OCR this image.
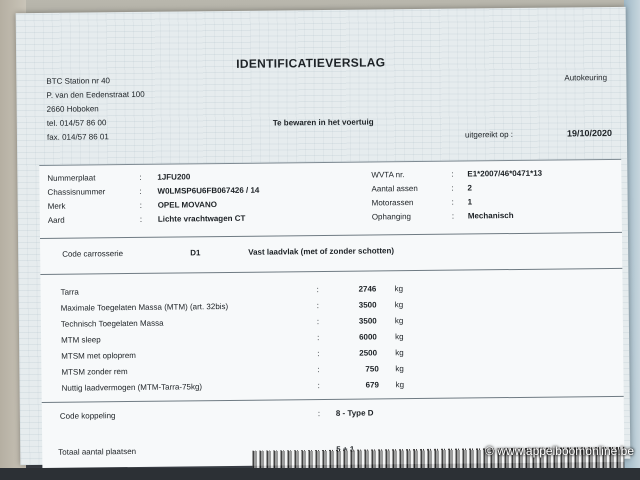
IDENTIFICATIEVERSLAG
BTC Station nr 40
P. van den Eedenstraat 100
2660 Hoboken
tel. 014/57 86 00
fax. 014/57 86 01
Autokeuring
Te bewaren in het voertuig
uitgereikt op :	19/10/2020
Nummerplaat	: 1JFU200
Chassisnummer	: W0LMSP6U6FB067426 / 14
Merk	: OPEL MOVANO
Aard	: Lichte vrachtwagen CT
WVTA nr.	: E1*2007/46*0471*13
Aantal assen	: 2
Motorassen	: 1
Ophanging	: Mechanisch
Code carrosserie	D1	Vast laadvlak (met of zonder schotten)
Tarra	:	2746 kg
Maximale Toegelaten Massa (MTM) (art. 32bis)	:	3500 kg
Technisch Toegelaten Massa	:	3500 kg
MTM sleep	:	6000 kg
MTSM met oploprem	:	2500 kg
MTSM zonder rem	:	750 kg
Nuttig laadvermogen (MTM-Tarra-75kg)	:	679 kg
Code koppeling	: 8 - Type D
Totaal aantal plaatsen	© www.appelboomonline.be
